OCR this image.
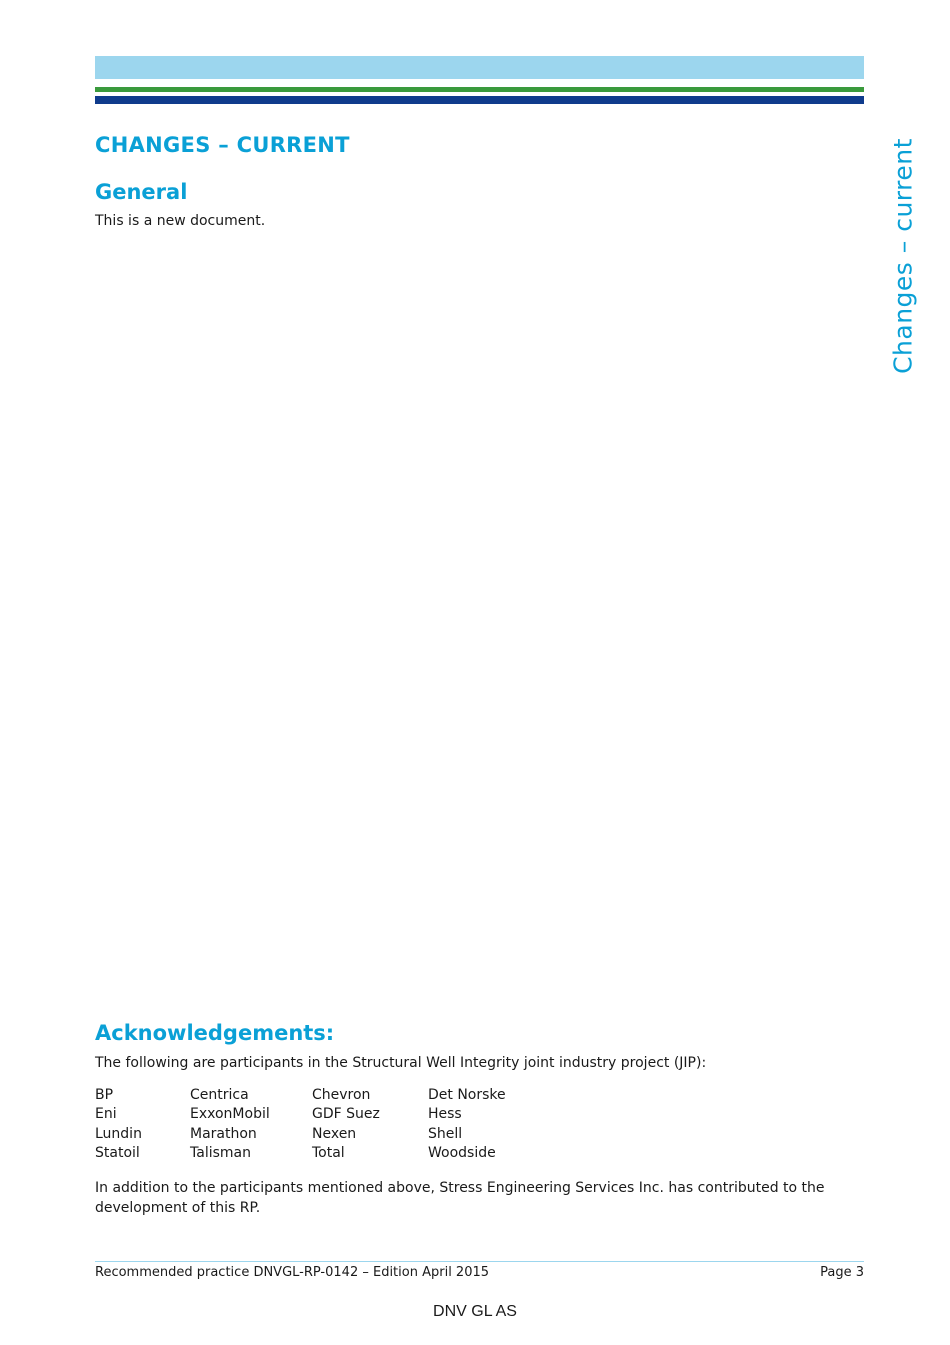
Changes – current
CHANGES – CURRENT
General

This is a new document.

Acknowledgements:

The following are participants in the Structural Well Integrity joint industry project (JIP):

BP	Centrica	Chevron	Det Norske
Eni	ExxonMobil	GDF Suez	Hess
Lundin	Marathon	Nexen	Shell
Statoil	Talisman	Total	Woodside

In addition to the participants mentioned above, Stress Engineering Services Inc. has contributed to the development of this RP.

Recommended practice DNVGL-RP-0142 – Edition April 2015	Page 3
DNV GL AS
